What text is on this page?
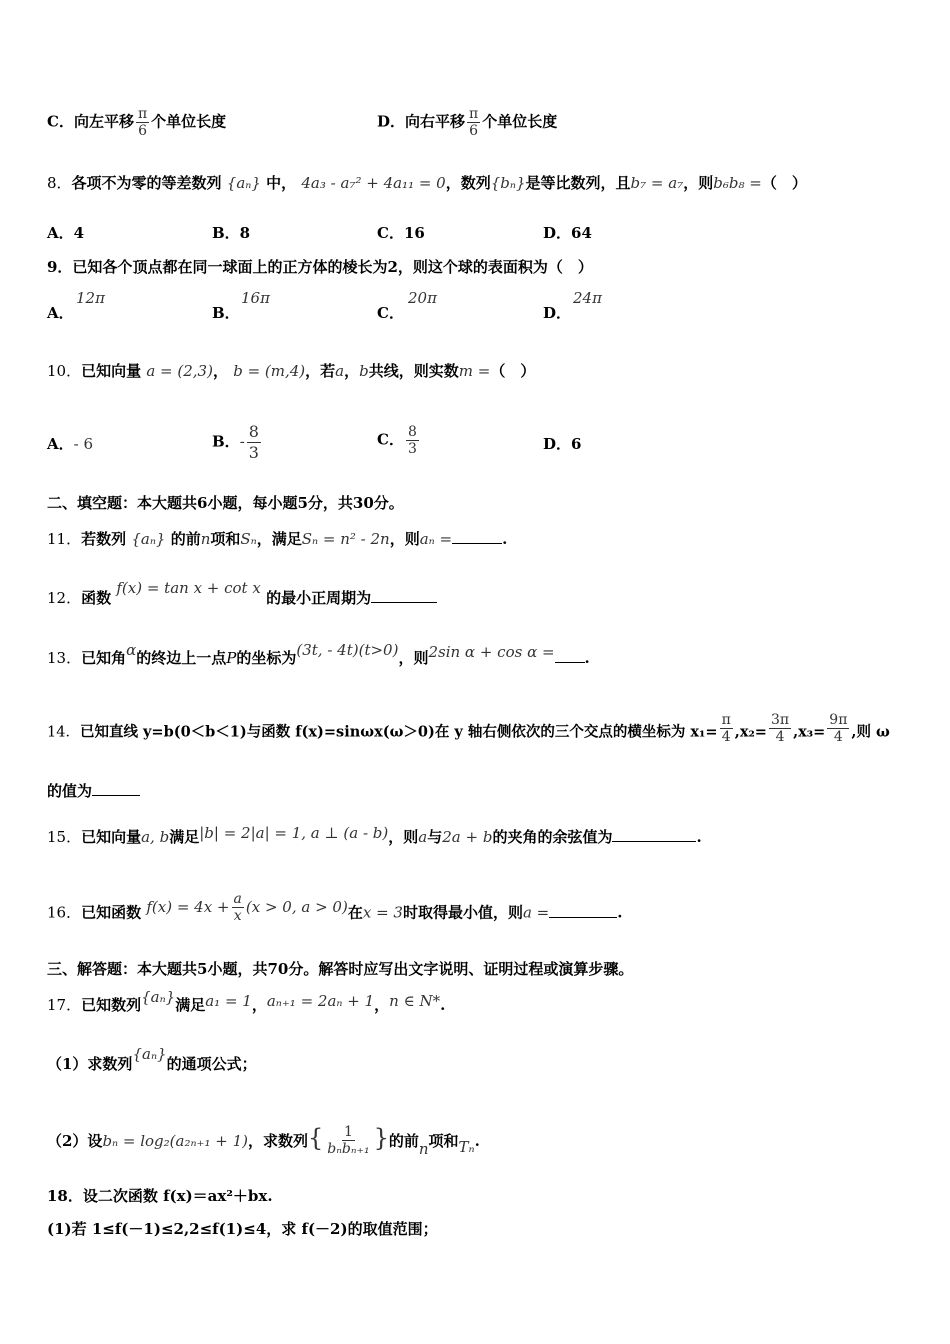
C．向左平移 $\frac{\pi}{6}$ 个单位长度	D．向右平移 $\frac{\pi}{6}$ 个单位长度
8．各项不为零的等差数列 {aₙ} 中， 4a₃ - a₇² + 4a₁₁ = 0，数列{bₙ}是等比数列，且b₇ = a₇，则b₆b₈ =（　）
A．4	B．8	C．16	D．64
9．已知各个顶点都在同一球面上的正方体的棱长为2，则这个球的表面积为（　）
A．
12π
B．
16π
C．
20π
D．
24π
10．已知向量 a = (2,3)， b = (m,4)，若a，b共线，则实数m =（　）
A．- 6	B．- $\frac{8}{3}$	C． $\frac{8}{3}$	D．6
二、填空题：本大题共6小题，每小题5分，共30分。
11．若数列 {aₙ} 的前n项和Sₙ，满足Sₙ = n² - 2n，则aₙ =	.
12．函数 f(x) = tan x + cot x 的最小正周期为
13．已知角α的终边上一点P的坐标为(3t, - 4t)(t>0)，则2sin α + cos α = .
14．已知直线 y=b(0＜b＜1)与函数 f(x)=sinωx(ω＞0)在 y 轴右侧依次的三个交点的横坐标为 $x_1= \frac{\pi}{4} ,x_2= \frac{3\pi}{4} ,x_3= \frac{9\pi}{4}$ ,则 ω
的值为
15．已知向量a, b满足|b| = 2|a| = 1, a ⊥ (a - b)，则a与2a + b的夹角的余弦值为	.
16．已知函数 $f(x) = 4x + \frac{a}{x} (x > 0$, a > 0)在x = 3时取得最小值，则a =	.
三、解答题：本大题共5小题，共70分。解答时应写出文字说明、证明过程或演算步骤。
17．已知数列{aₙ}满足a₁ = 1，aₙ₊₁ = 2aₙ + 1，n ∈ N*.
（1）求数列{aₙ}的通项公式；
（2）设bₙ = log₂(a₂ₙ₊₁ + 1)，求数列{ $\frac{1}{\text{bₙbₙ₊₁}}$ }的前n项和Tₙ.
18．设二次函数 f(x)＝ax²＋bx.
(1)若 1≤f(－1)≤2,2≤f(1)≤4，求 f(－2)的取值范围；
